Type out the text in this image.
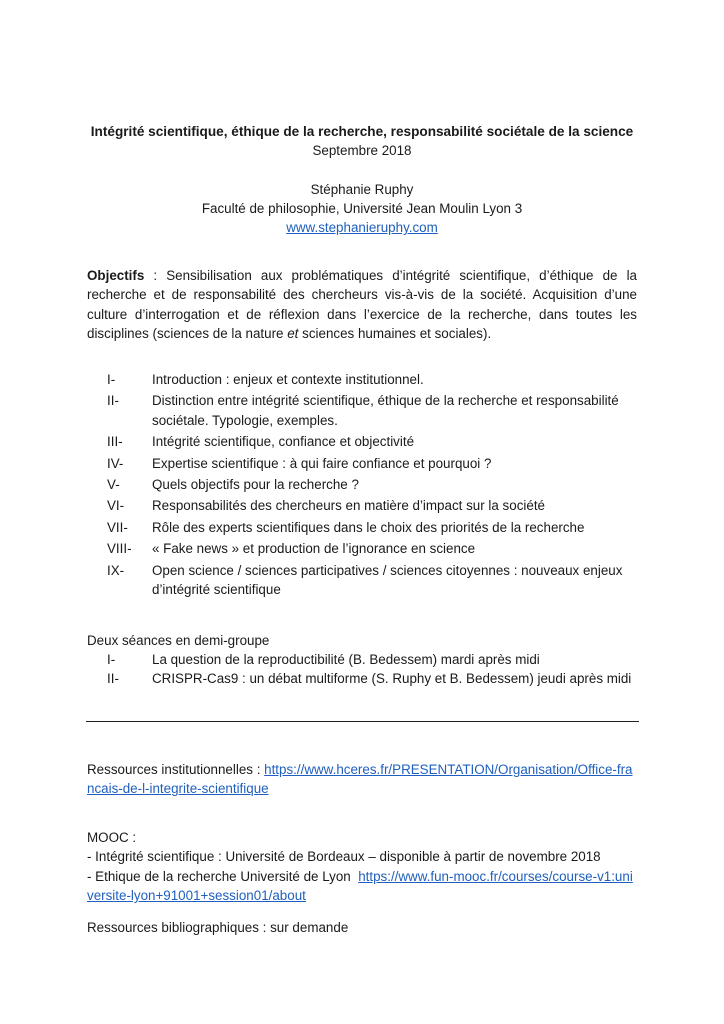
Intégrité scientifique, éthique de la recherche, responsabilité sociétale de la science
Septembre 2018
Stéphanie Ruphy
Faculté de philosophie, Université Jean Moulin Lyon 3
www.stephanieruphy.com
Objectifs : Sensibilisation aux problématiques d’intégrité scientifique, d’éthique de la recherche et de responsabilité des chercheurs vis-à-vis de la société. Acquisition d’une culture d’interrogation et de réflexion dans l’exercice de la recherche, dans toutes les disciplines (sciences de la nature et sciences humaines et sociales).
I-	Introduction : enjeux et contexte institutionnel.
II-	Distinction entre intégrité scientifique, éthique de la recherche et responsabilité sociétale. Typologie, exemples.
III-	Intégrité scientifique, confiance et objectivité
IV-	Expertise scientifique : à qui faire confiance et pourquoi ?
V-	Quels objectifs pour la recherche ?
VI-	Responsabilités des chercheurs en matière d’impact sur la société
VII-	Rôle des experts scientifiques dans le choix des priorités de la recherche
VIII-	« Fake news » et production de l’ignorance en science
IX-	Open science / sciences participatives / sciences citoyennes : nouveaux enjeux d’intégrité scientifique
Deux séances en demi-groupe
I-	La question de la reproductibilité (B. Bedessem) mardi après midi
II-	CRISPR-Cas9 : un débat multiforme (S. Ruphy et B. Bedessem) jeudi après midi
Ressources institutionnelles : https://www.hceres.fr/PRESENTATION/Organisation/Office-francais-de-l-integrite-scientifique
MOOC :
- Intégrité scientifique : Université de Bordeaux – disponible à partir de novembre 2018
- Ethique de la recherche Université de Lyon  https://www.fun-mooc.fr/courses/course-v1:universite-lyon+91001+session01/about
Ressources bibliographiques : sur demande
